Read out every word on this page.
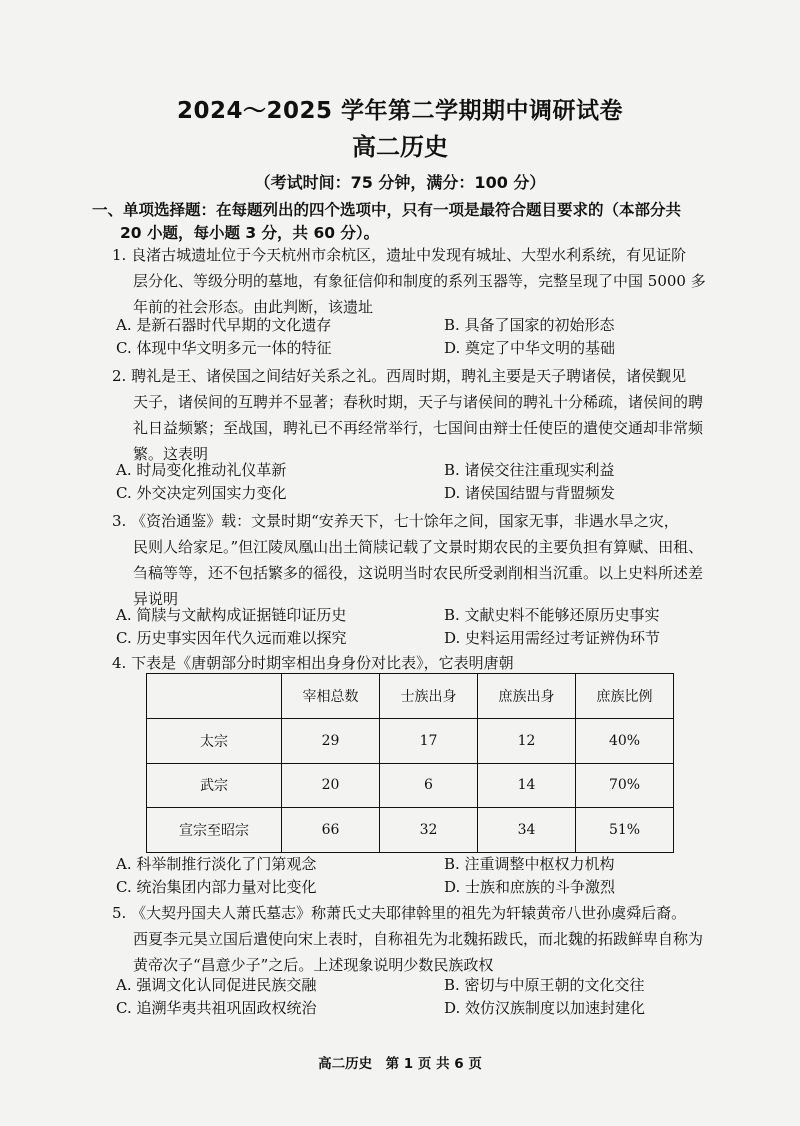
2024～2025 学年第二学期期中调研试卷
高二历史
（考试时间：75 分钟，满分：100 分）
一、单项选择题：在每题列出的四个选项中，只有一项是最符合题目要求的（本部分共
20 小题，每小题 3 分，共 60 分）。
1. 良渚古城遗址位于今天杭州市余杭区，遗址中发现有城址、大型水利系统，有见证阶
层分化、等级分明的墓地，有象征信仰和制度的系列玉器等，完整呈现了中国 5000 多
年前的社会形态。由此判断，该遗址
A. 是新石器时代早期的文化遗存	B. 具备了国家的初始形态
C. 体现中华文明多元一体的特征	D. 奠定了中华文明的基础
2. 聘礼是王、诸侯国之间结好关系之礼。西周时期，聘礼主要是天子聘诸侯，诸侯觐见
天子，诸侯间的互聘并不显著；春秋时期，天子与诸侯间的聘礼十分稀疏，诸侯间的聘
礼日益频繁；至战国，聘礼已不再经常举行，七国间由辩士任使臣的遣使交通却非常频
繁。这表明
A. 时局变化推动礼仪革新	B. 诸侯交往注重现实利益
C. 外交决定列国实力变化	D. 诸侯国结盟与背盟频发
3. 《资治通鉴》载：文景时期“安养天下，七十馀年之间，国家无事，非遇水旱之灾，
民则人给家足。”但江陵凤凰山出土简牍记载了文景时期农民的主要负担有算赋、田租、
刍稿等等，还不包括繁多的徭役，这说明当时农民所受剥削相当沉重。以上史料所述差
异说明
A. 简牍与文献构成证据链印证历史	B. 文献史料不能够还原历史事实
C. 历史事实因年代久远而难以探究	D. 史料运用需经过考证辨伪环节
4. 下表是《唐朝部分时期宰相出身身份对比表》，它表明唐朝
	宰相总数	士族出身	庶族出身	庶族比例
太宗	29	17	12	40%
武宗	20	6	14	70%
宣宗至昭宗	66	32	34	51%
A. 科举制推行淡化了门第观念	B. 注重调整中枢权力机构
C. 统治集团内部力量对比变化	D. 士族和庶族的斗争激烈
5. 《大契丹国夫人萧氏墓志》称萧氏丈夫耶律斡里的祖先为轩辕黄帝八世孙虞舜后裔。
西夏李元昊立国后遣使向宋上表时，自称祖先为北魏拓跋氏，而北魏的拓跋鲜卑自称为
黄帝次子“昌意少子”之后。上述现象说明少数民族政权
A. 强调文化认同促进民族交融	B. 密切与中原王朝的文化交往
C. 追溯华夷共祖巩固政权统治	D. 效仿汉族制度以加速封建化
高二历史　第 1 页 共 6 页
